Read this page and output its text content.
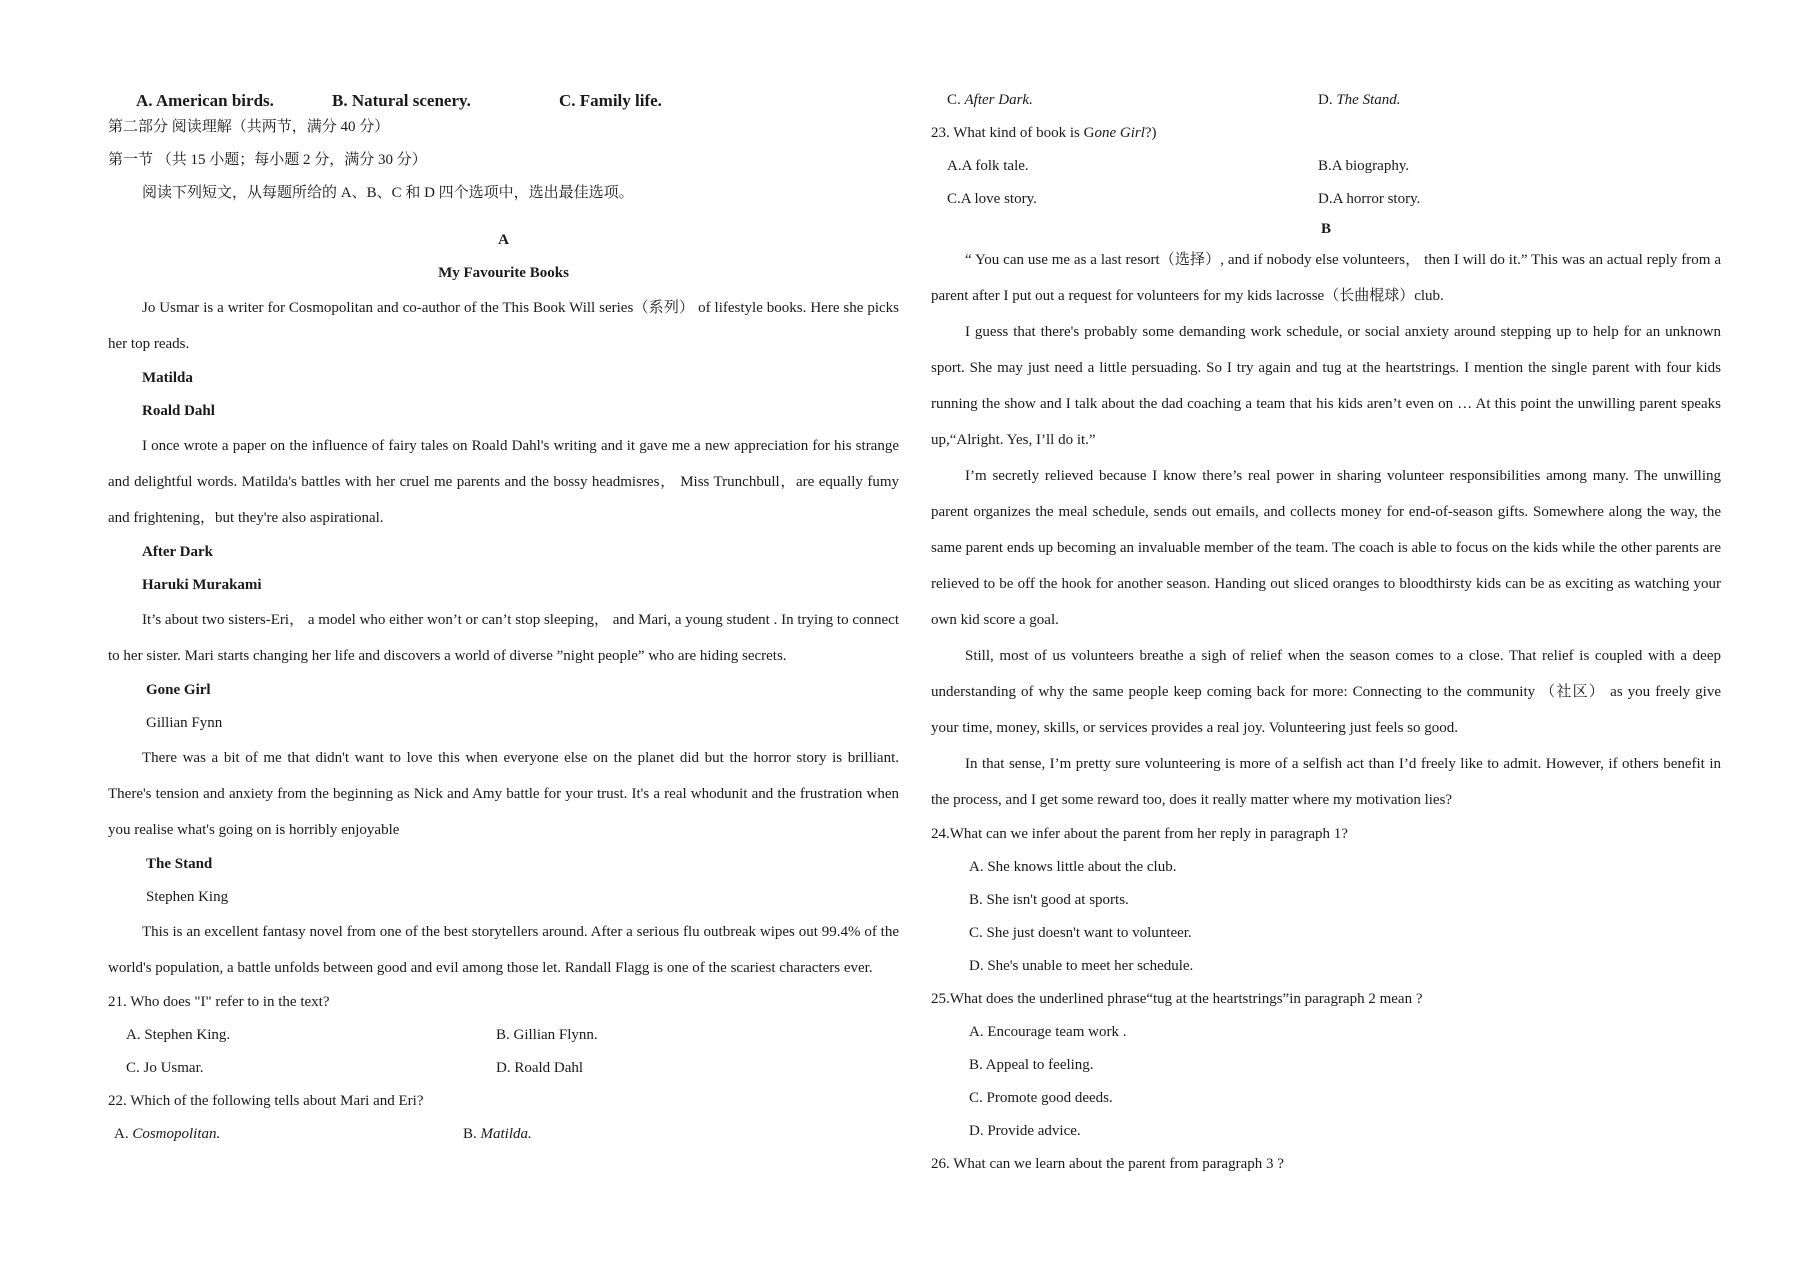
A. American birds.	B. Natural scenery.	C. Family life.
第二部分 阅读理解（共两节，满分 40 分）
第一节 （共 15 小题；每小题 2 分，满分 30 分）
阅读下列短文，从每题所给的 A、B、C 和 D 四个选项中，选出最佳选项。
A
My Favourite Books
Jo Usmar is a writer for Cosmopolitan and co-author of the This Book Will series（系列） of lifestyle books. Here she picks her top reads.
Matilda
Roald Dahl
I once wrote a paper on the influence of fairy tales on Roald Dahl's writing and it gave me a new appreciation for his strange and delightful words. Matilda's battles with her cruel me parents and the bossy headmisres， Miss Trunchbull，are equally fumy and frightening，but they're also aspirational.
After Dark
Haruki Murakami
It’s about two sisters-Eri， a model who either won’t or can’t stop sleeping， and Mari, a young student . In trying to connect to her sister. Mari starts changing her life and discovers a world of diverse ”night people” who are hiding secrets.
Gone Girl
Gillian Fynn
There was a bit of me that didn't want to love this when everyone else on the planet did but the horror story is brilliant. There's tension and anxiety from the beginning as Nick and Amy battle for your trust. It's a real whodunit and the frustration when you realise what's going on is horribly enjoyable
The Stand
Stephen King
This is an excellent fantasy novel from one of the best storytellers around. After a serious flu outbreak wipes out 99.4% of the world's population, a battle unfolds between good and evil among those let. Randall Flagg is one of the scariest characters ever.
21. Who does "I" refer to in the text?
A. Stephen King.	B. Gillian Flynn.
C. Jo Usmar.	D. Roald Dahl
22. Which of the following tells about Mari and Eri?
A. Cosmopolitan.	B. Matilda.
C. After Dark.	D. The Stand.
23. What kind of book is Gone Girl?)
A.A folk tale.	B.A biography.
C.A love story.	D.A horror story.
B
“ You can use me as a last resort（选择）, and if nobody else volunteers， then I will do it.” This was an actual reply from a parent after I put out a request for volunteers for my kids lacrosse（长曲棍球）club.
I guess that there's probably some demanding work schedule, or social anxiety around stepping up to help for an unknown sport. She may just need a little persuading. So I try again and tug at the heartstrings. I mention the single parent with four kids running the show and I talk about the dad coaching a team that his kids aren’t even on … At this point the unwilling parent speaks up,“Alright. Yes, I’ll do it.”
I’m secretly relieved because I know there’s real power in sharing volunteer responsibilities among many. The unwilling parent organizes the meal schedule, sends out emails, and collects money for end-of-season gifts. Somewhere along the way, the same parent ends up becoming an invaluable member of the team. The coach is able to focus on the kids while the other parents are relieved to be off the hook for another season. Handing out sliced oranges to bloodthirsty kids can be as exciting as watching your own kid score a goal.
Still, most of us volunteers breathe a sigh of relief when the season comes to a close. That relief is coupled with a deep understanding of why the same people keep coming back for more: Connecting to the community （社区） as you freely give your time, money, skills, or services provides a real joy. Volunteering just feels so good.
In that sense, I’m pretty sure volunteering is more of a selfish act than I’d freely like to admit. However, if others benefit in the process, and I get some reward too, does it really matter where my motivation lies?
24.What can we infer about the parent from her reply in paragraph 1?
A. She knows little about the club.
B. She isn't good at sports.
C. She just doesn't want to volunteer.
D. She's unable to meet her schedule.
25.What does the underlined phrase“tug at the heartstrings”in paragraph 2 mean ?
A. Encourage team work .
B. Appeal to feeling.
C. Promote good deeds.
D. Provide advice.
26. What can we learn about the parent from paragraph 3 ?
